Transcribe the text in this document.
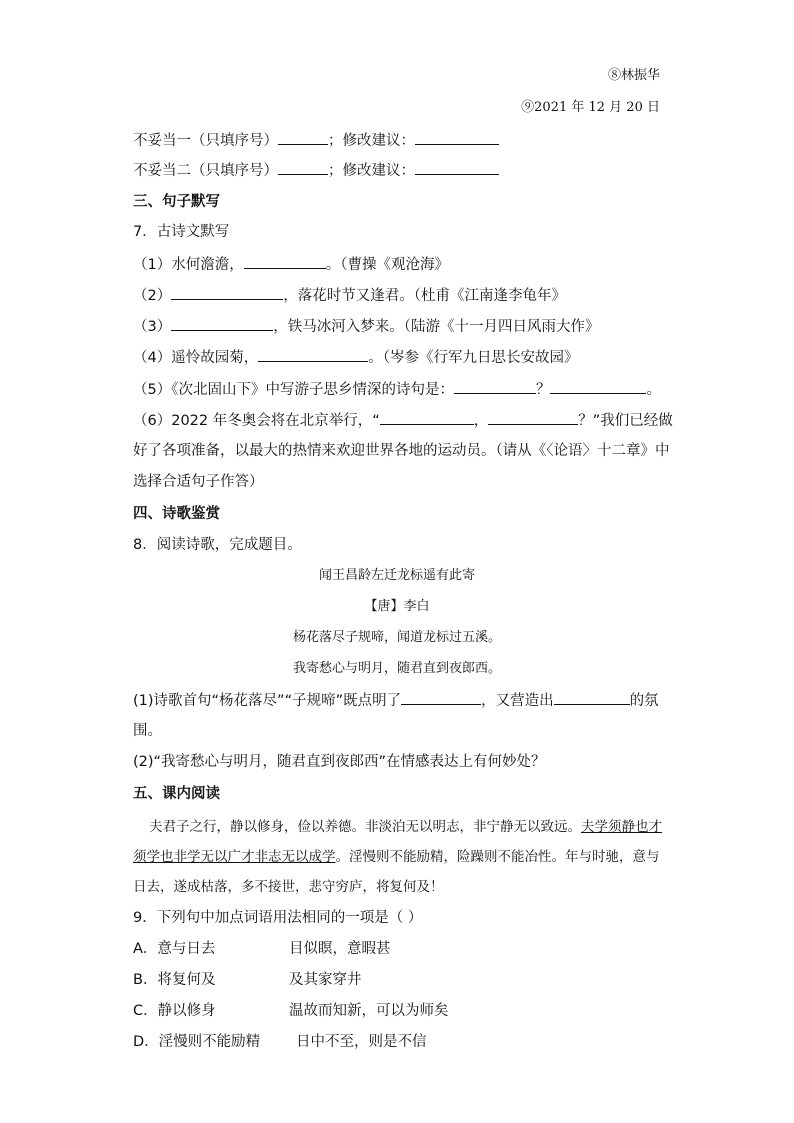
⑧林振华
⑨2021 年 12 月 20 日
不妥当一（只填序号）	；修改建议：
不妥当二（只填序号）	；修改建议：
三、句子默写
7．古诗文默写
（1）水何澹澹，	。（曹操《观沧海》
（2）	，落花时节又逢君。（杜甫《江南逢李龟年》
（3）	，铁马冰河入梦来。（陆游《十一月四日风雨大作》
（4）遥怜故园菊，	。（岑参《行军九日思长安故园》
（5）《次北固山下》中写游子思乡情深的诗句是：	？	。
（6）2022 年冬奥会将在北京举行，“	，	？”我们已经做
好了各项准备，以最大的热情来欢迎世界各地的运动员。（请从《〈论语〉十二章》中
选择合适句子作答）
四、诗歌鉴赏
8．阅读诗歌，完成题目。
闻王昌龄左迁龙标遥有此寄
【唐】李白
杨花落尽子规啼，闻道龙标过五溪。
我寄愁心与明月，随君直到夜郎西。
(1)诗歌首句“杨花落尽”“子规啼”既点明了	，又营造出	的氛
围。
(2)“我寄愁心与明月，随君直到夜郎西”在情感表达上有何妙处？
五、课内阅读
夫君子之行，静以修身，俭以养德。非淡泊无以明志，非宁静无以致远。夫学须静也才须学也非学无以广才非志无以成学。淫慢则不能励精，险躁则不能冶性。年与时驰，意与日去，遂成枯落，多不接世，悲守穷庐，将复何及！
9．下列句中加点词语用法相同的一项是（ ）
A．意与日去	目似瞑，意暇甚
B．将复何及	及其家穿井
C．静以修身	温故而知新，可以为师矣
D．淫慢则不能励精 日中不至，则是不信
